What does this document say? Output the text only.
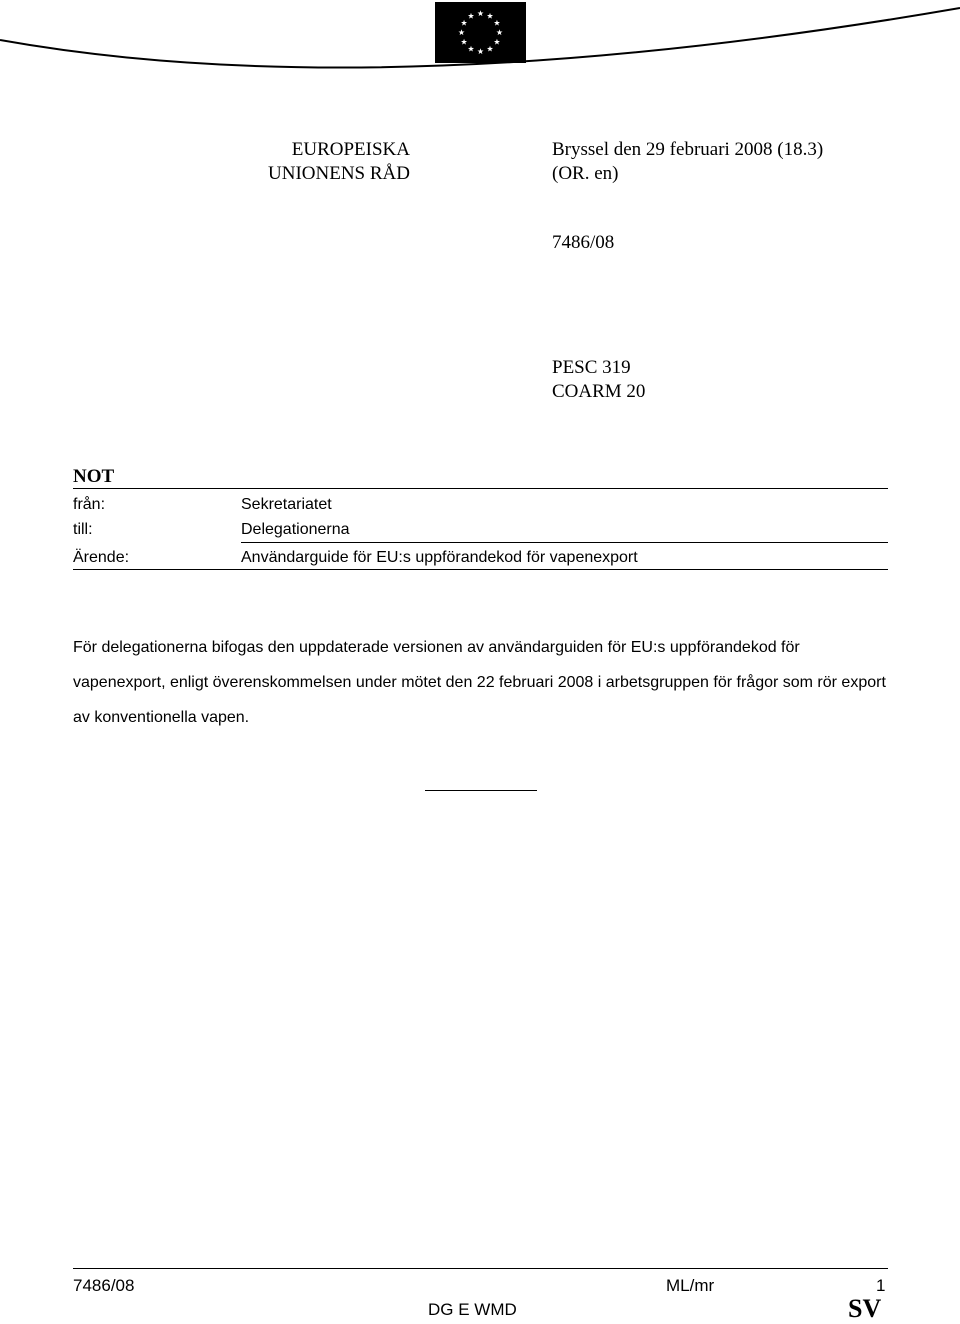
EUROPEISKA
UNIONENS RÅD
Bryssel den 29 februari 2008 (18.3)
(OR. en)
7486/08
PESC 319
COARM 20
NOT
från:	Sekretariatet
till:	Delegationerna
Ärende:	Användarguide för EU:s uppförandekod för vapenexport
För delegationerna bifogas den uppdaterade versionen av användarguiden för EU:s uppförandekod för vapenexport, enligt överenskommelsen under mötet den 22 februari 2008 i arbetsgruppen för frågor som rör export av konventionella vapen.
7486/08	ML/mr	1
DG E WMD	SV
